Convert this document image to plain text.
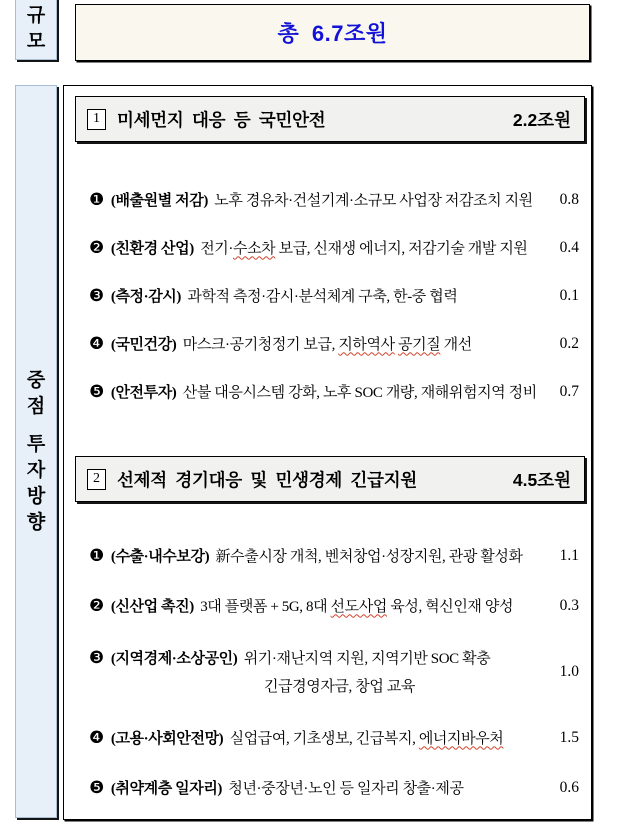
규
모	총 6.7조원
중
점
투
자
방
향
1 미세먼지 대응 등 국민안전	2.2조원
❶ (배출원별 저감) 노후 경유차·건설기계·소규모 사업장 저감조치 지원 0.8
❷ (친환경 산업) 전기·수소차 보급, 신재생 에너지, 저감기술 개발 지원 0.4
❸ (측정·감시) 과학적 측정·감시·분석체계 구축, 한-중 협력	0.1
❹ (국민건강) 마스크·공기청정기 보급, 지하역사 공기질 개선	0.2
❺ (안전투자) 산불 대응시스템 강화, 노후 SOC 개량, 재해위험지역 정비 0.7
2 선제적 경기대응 및 민생경제 긴급지원	4.5조원
❶ (수출·내수보강) 新수출시장 개척, 벤처창업·성장지원, 관광 활성화 1.1
❷ (신산업 촉진) 3대 플랫폼 + 5G, 8대 선도사업 육성, 혁신인재 양성	0.3
❸ (지역경제·소상공인) 위기·재난지역 지원, 지역기반 SOC 확충
긴급경영자금, 창업 교육
1.0
❹ (고용·사회안전망) 실업급여, 기초생보, 긴급복지, 에너지바우처	1.5
❺ (취약계층 일자리) 청년·중장년·노인 등 일자리 창출·제공	0.6
